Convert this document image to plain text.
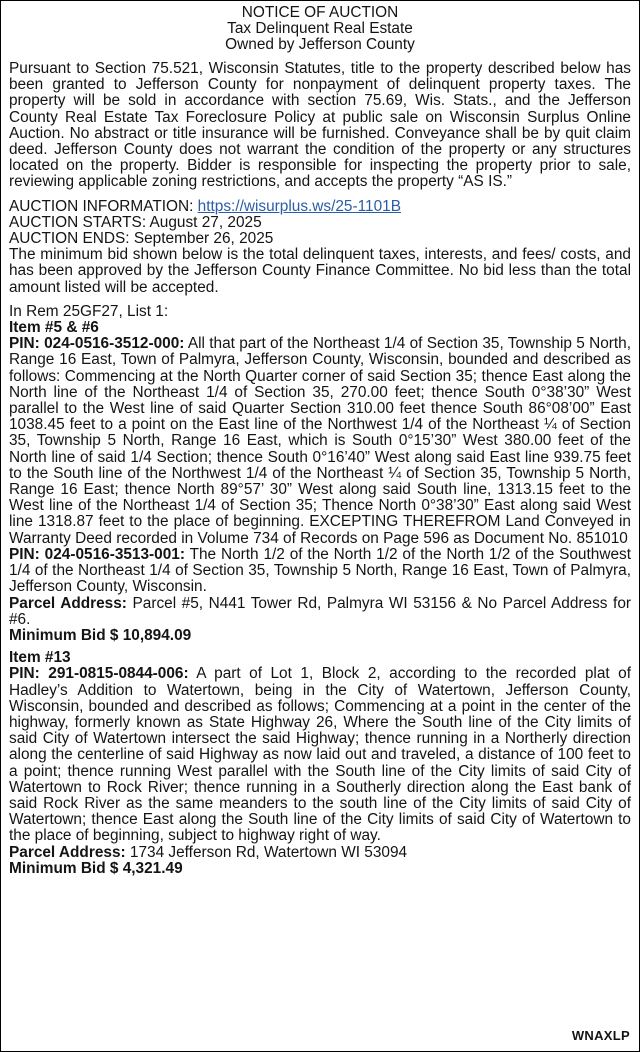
NOTICE OF AUCTION
Tax Delinquent Real Estate
Owned by Jefferson County

Pursuant to Section 75.521, Wisconsin Statutes, title to the property described below has been granted to Jefferson County for nonpayment of delinquent property taxes. The property will be sold in accordance with section 75.69, Wis. Stats., and the Jefferson County Real Estate Tax Foreclosure Policy at public sale on Wisconsin Surplus Online Auction. No abstract or title insurance will be furnished. Conveyance shall be by quit claim deed. Jefferson County does not warrant the condition of the property or any structures located on the property. Bidder is responsible for inspecting the property prior to sale, reviewing applicable zoning restrictions, and accepts the property “AS IS.”

AUCTION INFORMATION: https://wisurplus.ws/25-1101B
AUCTION STARTS: August 27, 2025
AUCTION ENDS: September 26, 2025

The minimum bid shown below is the total delinquent taxes, interests, and fees/ costs, and has been approved by the Jefferson County Finance Committee. No bid less than the total amount listed will be accepted.

In Rem 25GF27, List 1:
Item #5 & #6

PIN: 024-0516-3512-000: All that part of the Northeast 1/4 of Section 35, Township 5 North, Range 16 East, Town of Palmyra, Jefferson County, Wisconsin, bounded and described as follows: Commencing at the North Quarter corner of said Section 35; thence East along the North line of the Northeast 1/4 of Section 35, 270.00 feet; thence South 0°38’30” West parallel to the West line of said Quarter Section 310.00 feet thence South 86°08’00” East 1038.45 feet to a point on the East line of the Northwest 1/4 of the Northeast ¼ of Section 35, Township 5 North, Range 16 East, which is South 0°15’30” West 380.00 feet of the North line of said 1/4 Section; thence South 0°16’40” West along said East line 939.75 feet to the South line of the Northwest 1/4 of the Northeast ¼ of Section 35, Township 5 North, Range 16 East; thence North 89°57’ 30” West along said South line, 1313.15 feet to the West line of the Northeast 1/4 of Section 35; Thence North 0°38’30” East along said West line 1318.87 feet to the place of beginning. EXCEPTING THEREFROM Land Conveyed in Warranty Deed recorded in Volume 734 of Records on Page 596 as Document No. 851010

PIN: 024-0516-3513-001: The North 1/2 of the North 1/2 of the North 1/2 of the Southwest 1/4 of the Northeast 1/4 of Section 35, Township 5 North, Range 16 East, Town of Palmyra, Jefferson County, Wisconsin.

Parcel Address: Parcel #5, N441 Tower Rd, Palmyra WI 53156 & No Parcel Address for #6.

Minimum Bid $ 10,894.09
Item #13

PIN: 291-0815-0844-006: A part of Lot 1, Block 2, according to the recorded plat of Hadley’s Addition to Watertown, being in the City of Watertown, Jefferson County, Wisconsin, bounded and described as follows; Commencing at a point in the center of the highway, formerly known as State Highway 26, Where the South line of the City limits of said City of Watertown intersect the said Highway; thence running in a Northerly direction along the centerline of said Highway as now laid out and traveled, a distance of 100 feet to a point; thence running West parallel with the South line of the City limits of said City of Watertown to Rock River; thence running in a Southerly direction along the East bank of said Rock River as the same meanders to the south line of the City limits of said City of Watertown; thence East along the South line of the City limits of said City of Watertown to the place of beginning, subject to highway right of way.

Parcel Address: 1734 Jefferson Rd, Watertown WI 53094

Minimum Bid $ 4,321.49
WNAXLP
